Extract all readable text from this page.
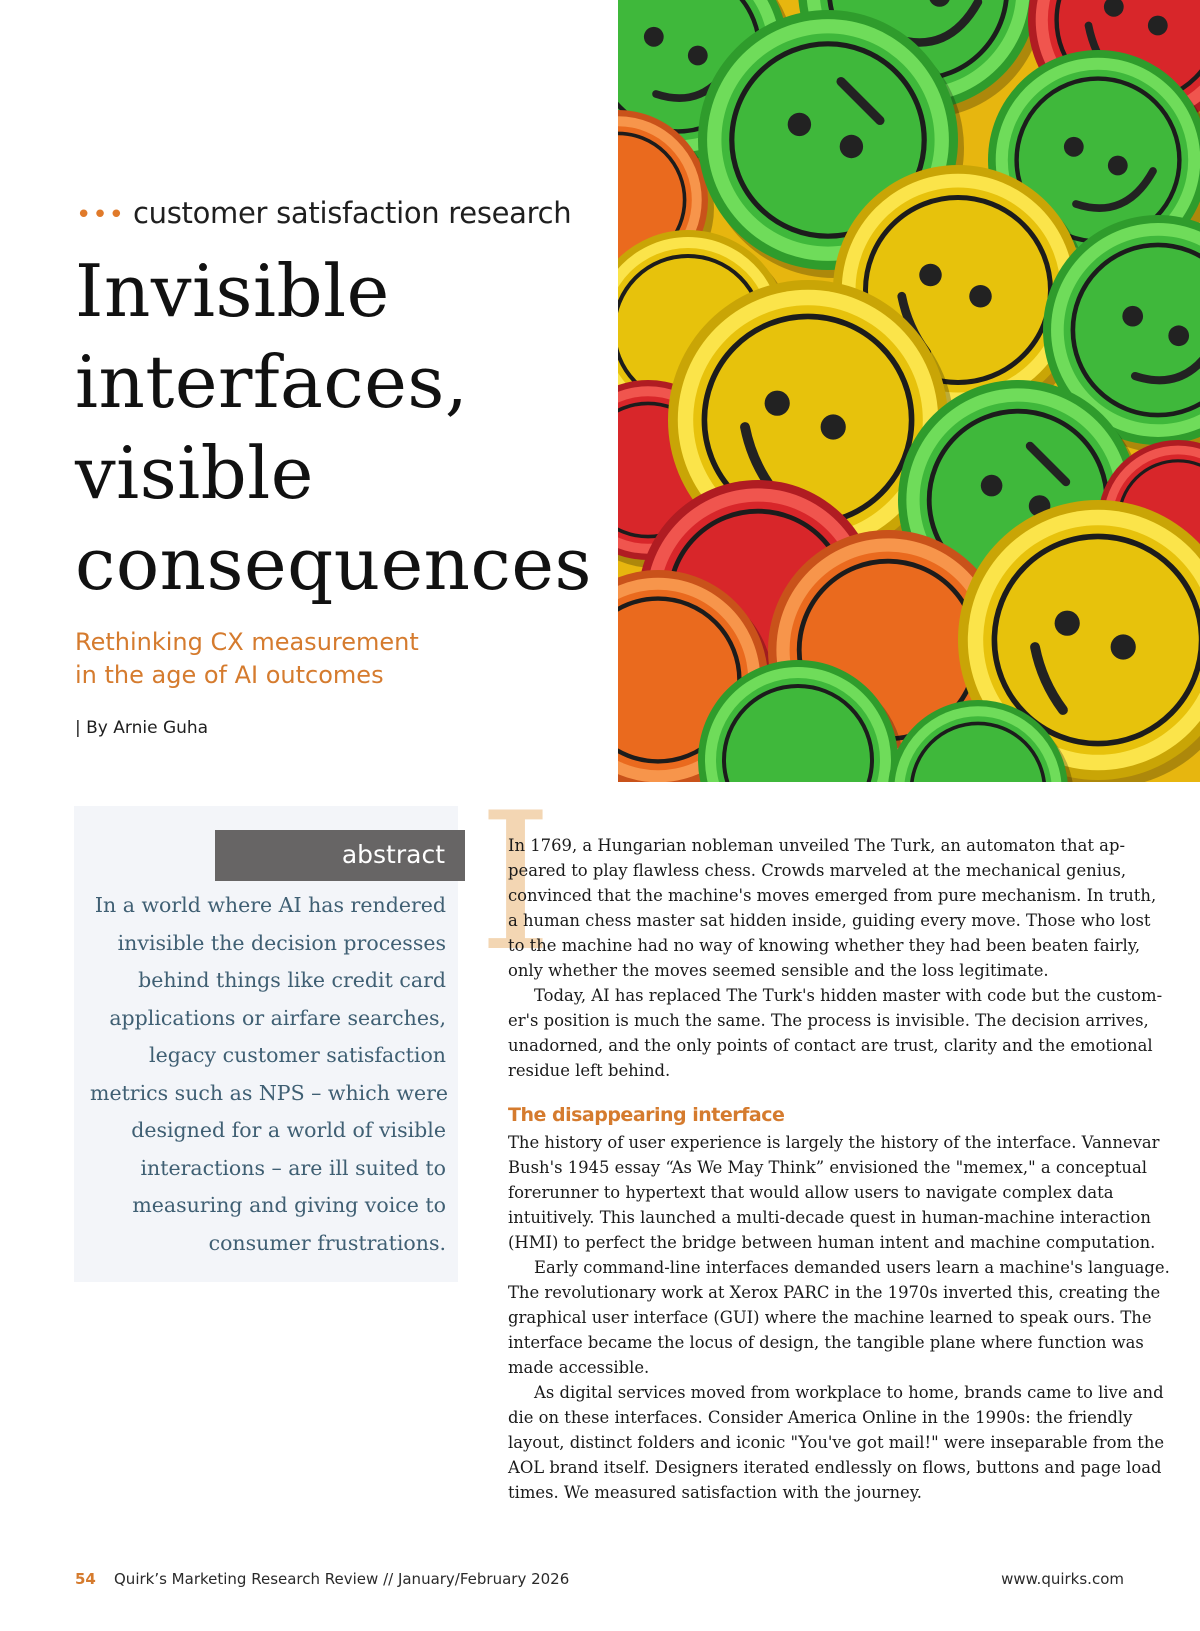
••• customer satisfaction research
Invisible
interfaces,
visible
consequences
Rethinking CX measurement
in the age of AI outcomes
| By Arnie Guha
abstract
In a world where AI has rendered
invisible the decision processes
behind things like credit card
applications or airfare searches,
legacy customer satisfaction
metrics such as NPS – which were
designed for a world of visible
interactions – are ill suited to
measuring and giving voice to
consumer frustrations.
I
In 1769, a Hungarian nobleman unveiled The Turk, an automaton that ap-
peared to play flawless chess. Crowds marveled at the mechanical genius,
convinced that the machine's moves emerged from pure mechanism. In truth,
a human chess master sat hidden inside, guiding every move. Those who lost
to the machine had no way of knowing whether they had been beaten fairly,
only whether the moves seemed sensible and the loss legitimate.
Today, AI has replaced The Turk's hidden master with code but the custom-
er's position is much the same. The process is invisible. The decision arrives,
unadorned, and the only points of contact are trust, clarity and the emotional
residue left behind.
The disappearing interface
The history of user experience is largely the history of the interface. Vannevar
Bush's 1945 essay “As We May Think” envisioned the "memex," a conceptual
forerunner to hypertext that would allow users to navigate complex data
intuitively. This launched a multi-decade quest in human-machine interaction
(HMI) to perfect the bridge between human intent and machine computation.
Early command-line interfaces demanded users learn a machine's language.
The revolutionary work at Xerox PARC in the 1970s inverted this, creating the
graphical user interface (GUI) where the machine learned to speak ours. The
interface became the locus of design, the tangible plane where function was
made accessible.
As digital services moved from workplace to home, brands came to live and
die on these interfaces. Consider America Online in the 1990s: the friendly
layout, distinct folders and iconic "You've got mail!" were inseparable from the
AOL brand itself. Designers iterated endlessly on flows, buttons and page load
times. We measured satisfaction with the journey.
54 Quirk’s Marketing Research Review // January/February 2026	www.quirks.com
